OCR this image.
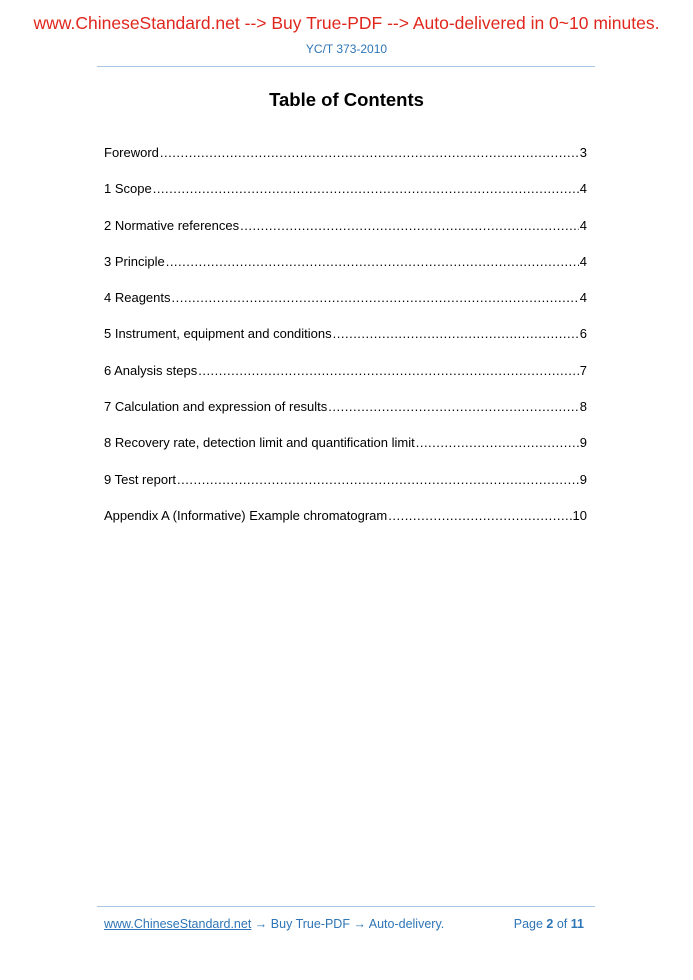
www.ChineseStandard.net --> Buy True-PDF --> Auto-delivered in 0~10 minutes.
YC/T 373-2010
Table of Contents
Foreword .....	3
1 Scope .....	4
2 Normative references .....	4
3 Principle .....	4
4 Reagents .....	4
5 Instrument, equipment and conditions .....	6
6 Analysis steps .....	7
7 Calculation and expression of results .....	8
8 Recovery rate, detection limit and quantification limit .....	9
9 Test report .....	9
Appendix A (Informative) Example chromatogram .....	10
www.ChineseStandard.net → Buy True-PDF → Auto-delivery.	Page 2 of 11
